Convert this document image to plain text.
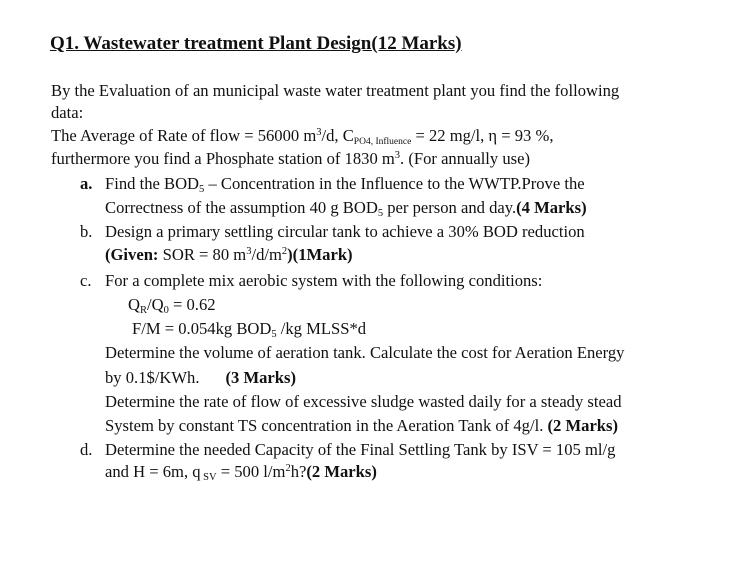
Q1. Wastewater treatment Plant Design(12 Marks)
By the Evaluation of an municipal waste water treatment plant you find the following
data:
The Average of Rate of flow = 56000 $m^3/d$, $C_{PO4, Influence} = 22$ mg/l, η = 93 %,
furthermore you find a Phosphate station of 1830 $m^3$. (For annually use)
a. Find the $BOD_5$ – Concentration in the Influence to the WWTP.Prove the
Correctness of the assumption 40 g $BOD_5$ per person and day.(4 Marks)
b. Design a primary settling circular tank to achieve a 30% BOD reduction
(Given: SOR = 80 $m^3/d/m^2)(1Mark)$
c. For a complete mix aerobic system with the following conditions:
$Q_R/Q_0 = 0.62$
F/M = 0.054kg $BOD_5$ /kg MLSS*d
Determine the volume of aeration tank. Calculate the cost for Aeration Energy
by 0.1$/KWh. (3 Marks)
Determine the rate of flow of excessive sludge wasted daily for a steady stead
System by constant TS concentration in the Aeration Tank of 4g/l. (2 Marks)
d. Determine the needed Capacity of the Final Settling Tank by ISV = 105 ml/g
and H = 6m, q $_{SV}$ = 500 $l/m^2h?(2$ Marks)
